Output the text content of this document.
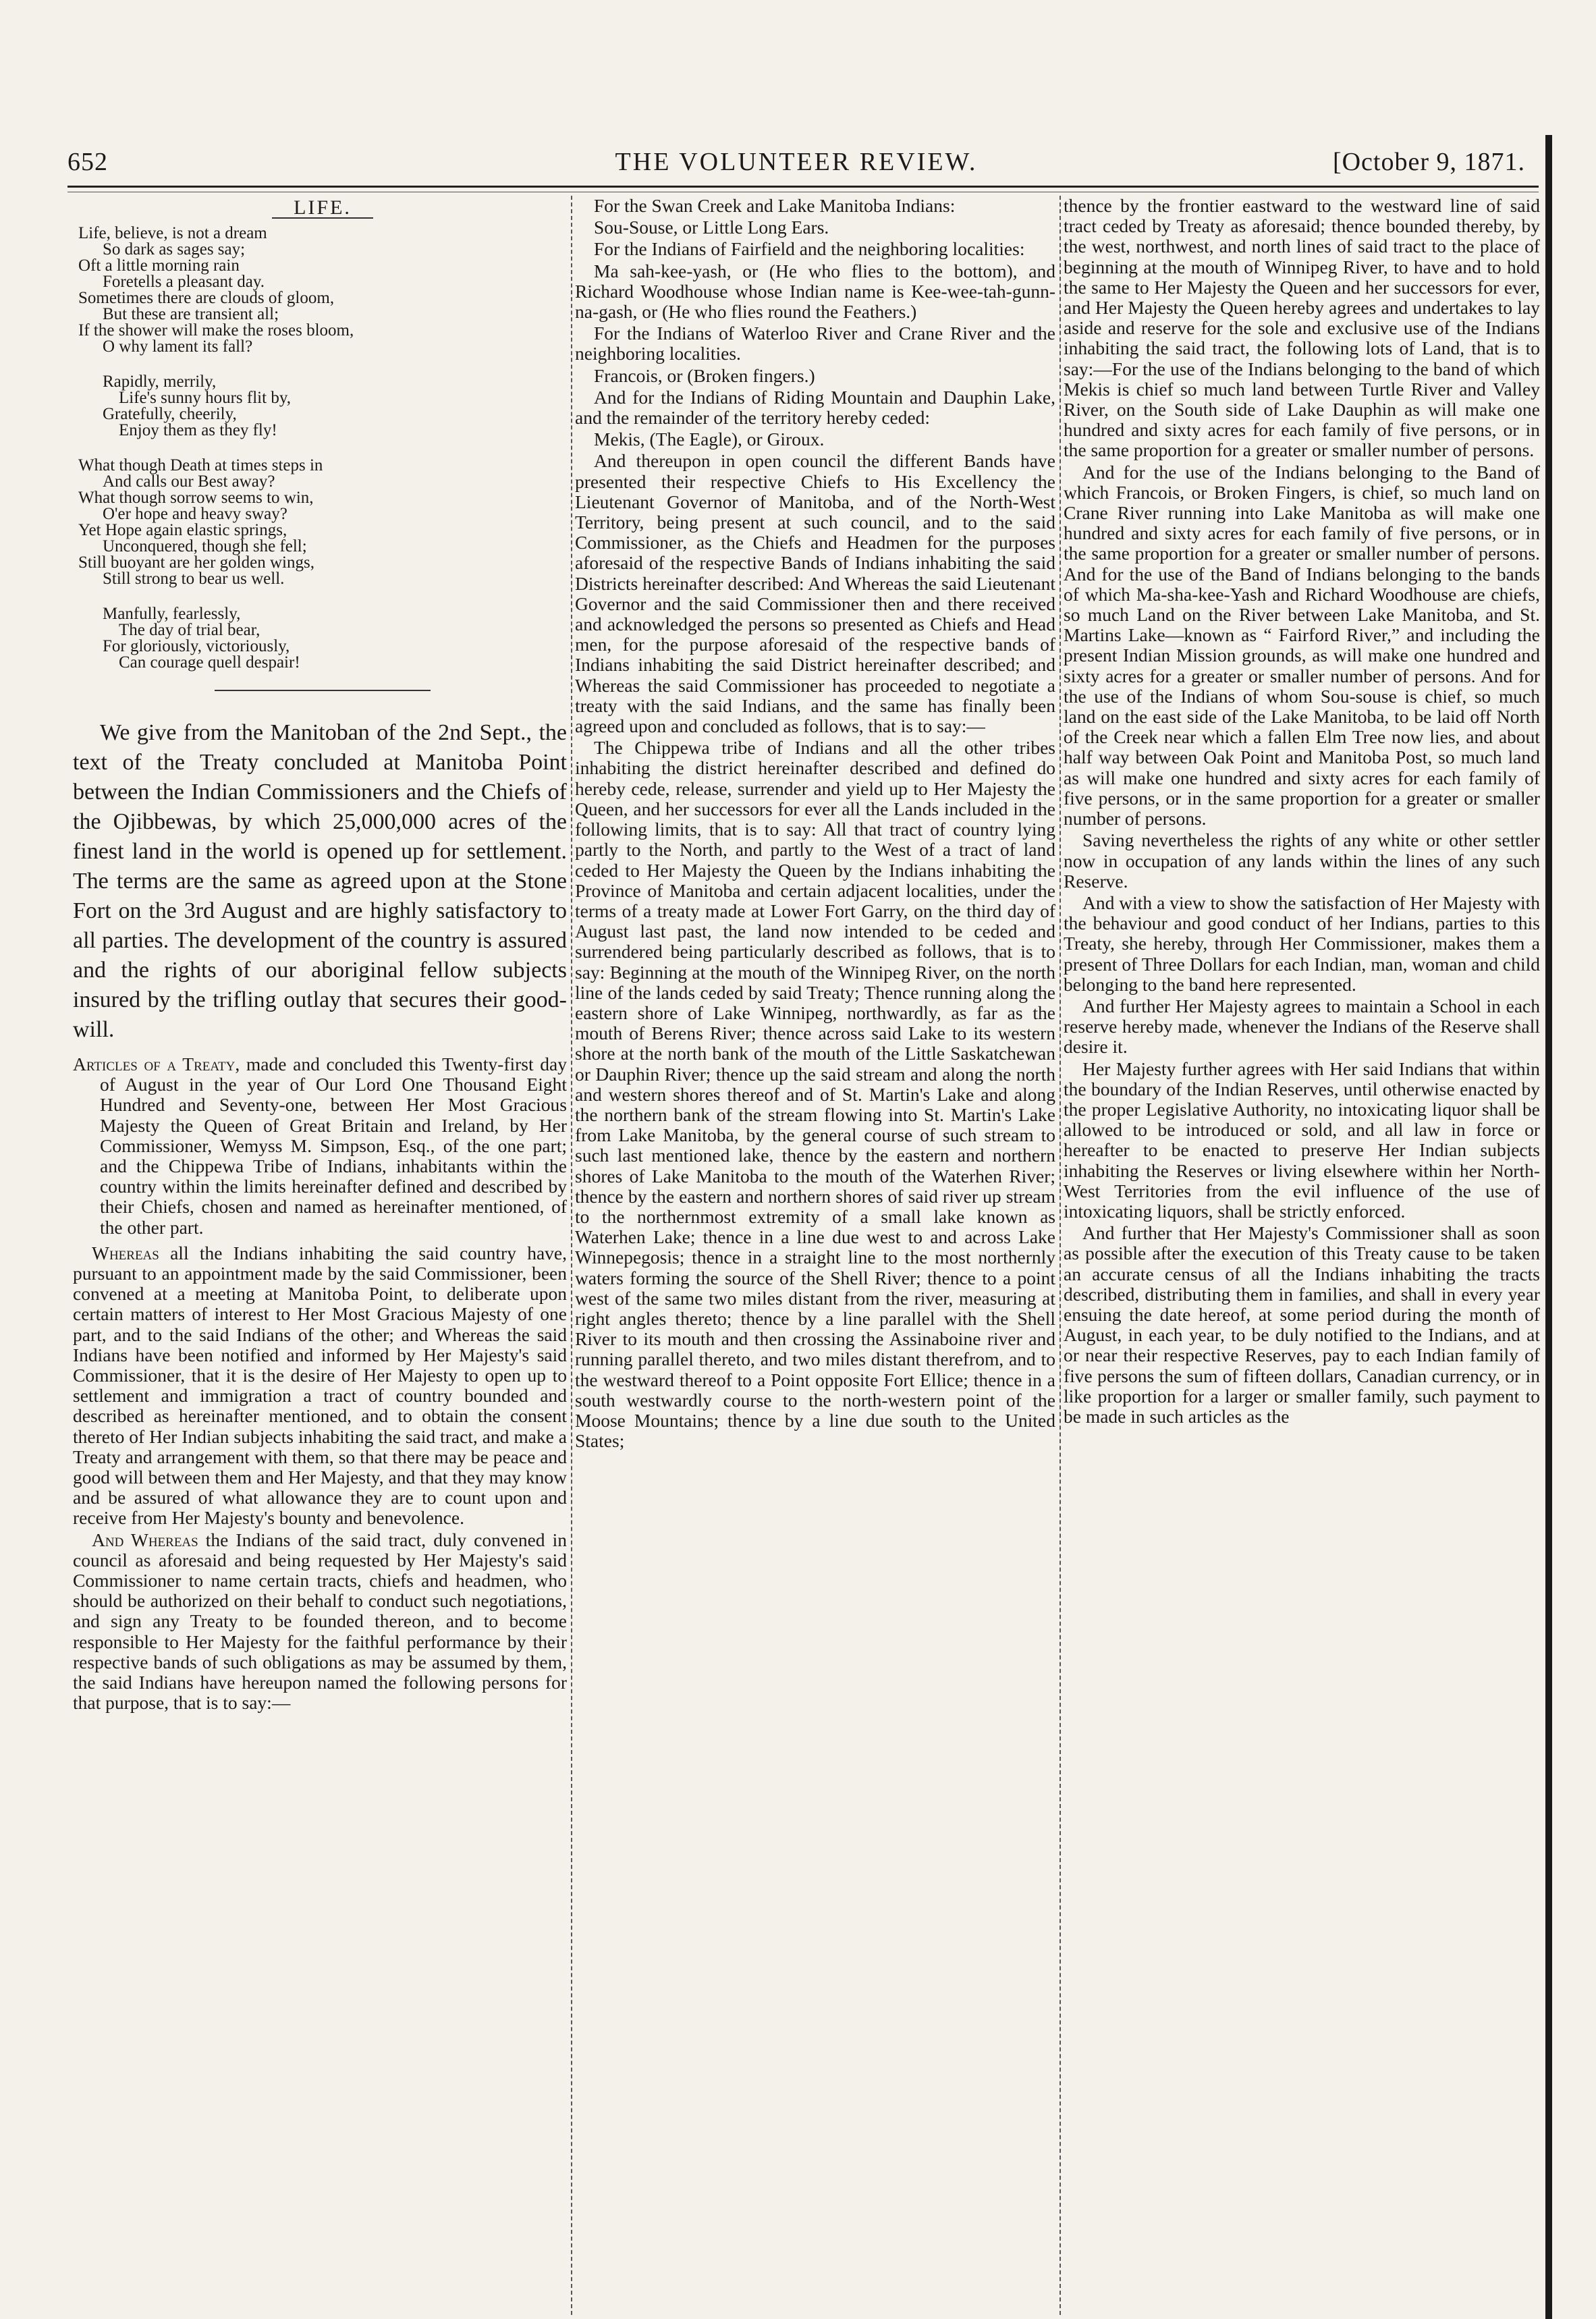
652	THE VOLUNTEER REVIEW.	[October 9, 1871.
LIFE.
Life, believe, is not a dream
So dark as sages say;
Oft a little morning rain
Foretells a pleasant day.
Sometimes there are clouds of gloom,
But these are transient all;
If the shower will make the roses bloom,
O why lament its fall?
Rapidly, merrily,
Life's sunny hours flit by,
Gratefully, cheerily,
Enjoy them as they fly!
What though Death at times steps in
And calls our Best away?
What though sorrow seems to win,
O'er hope and heavy sway?
Yet Hope again elastic springs,
Unconquered, though she fell;
Still buoyant are her golden wings,
Still strong to bear us well.
Manfully, fearlessly,
The day of trial bear,
For gloriously, victoriously,
Can courage quell despair!

We give from the Manitoban of the 2nd Sept., the text of the Treaty concluded at Manitoba Point between the Indian Commissioners and the Chiefs of the Ojibbewas, by which 25,000,000 acres of the finest land in the world is opened up for settlement. The terms are the same as agreed upon at the Stone Fort on the 3rd August and are highly satisfactory to all parties. The development of the country is assured and the rights of our aboriginal fellow subjects insured by the trifling outlay that secures their good-will.

Articles of a Treaty, made and concluded this Twenty-first day of August in the year of Our Lord One Thousand Eight Hundred and Seventy-one, between Her Most Gracious Majesty the Queen of Great Britain and Ireland, by Her Commissioner, Wemyss M. Simpson, Esq., of the one part; and the Chippewa Tribe of Indians, inhabitants within the country within the limits hereinafter defined and described by their Chiefs, chosen and named as hereinafter mentioned, of the other part.

Whereas all the Indians inhabiting the said country have, pursuant to an appointment made by the said Commissioner, been convened at a meeting at Manitoba Point, to deliberate upon certain matters of interest to Her Most Gracious Majesty of one part, and to the said Indians of the other; and Whereas the said Indians have been notified and informed by Her Majesty's said Commissioner, that it is the desire of Her Majesty to open up to settlement and immigration a tract of country bounded and described as hereinafter mentioned, and to obtain the consent thereto of Her Indian subjects inhabiting the said tract, and make a Treaty and arrangement with them, so that there may be peace and good will between them and Her Majesty, and that they may know and be assured of what allowance they are to count upon and receive from Her Majesty's bounty and benevolence.

And Whereas the Indians of the said tract, duly convened in council as aforesaid and being requested by Her Majesty's said Commissioner to name certain tracts, chiefs and headmen, who should be authorized on their behalf to conduct such negotiations, and sign any Treaty to be founded thereon, and to become responsible to Her Majesty for the faithful performance by their respective bands of such obligations as may be assumed by them, the said Indians have hereupon named the following persons for that purpose, that is to say:—

For the Swan Creek and Lake Manitoba Indians:

Sou-Souse, or Little Long Ears.

For the Indians of Fairfield and the neighboring localities:

Ma sah-kee-yash, or (He who flies to the bottom), and Richard Woodhouse whose Indian name is Kee-wee-tah-gunn-na-gash, or (He who flies round the Feathers.)

For the Indians of Waterloo River and Crane River and the neighboring localities.

Francois, or (Broken fingers.)

And for the Indians of Riding Mountain and Dauphin Lake, and the remainder of the territory hereby ceded:

Mekis, (The Eagle), or Giroux.

And thereupon in open council the different Bands have presented their respective Chiefs to His Excellency the Lieutenant Governor of Manitoba, and of the North-West Territory, being present at such council, and to the said Commissioner, as the Chiefs and Headmen for the purposes aforesaid of the respective Bands of Indians inhabiting the said Districts hereinafter described: And Whereas the said Lieutenant Governor and the said Commissioner then and there received and acknowledged the persons so presented as Chiefs and Head men, for the purpose aforesaid of the respective bands of Indians inhabiting the said District hereinafter described; and Whereas the said Commissioner has proceeded to negotiate a treaty with the said Indians, and the same has finally been agreed upon and concluded as follows, that is to say:—

The Chippewa tribe of Indians and all the other tribes inhabiting the district hereinafter described and defined do hereby cede, release, surrender and yield up to Her Majesty the Queen, and her successors for ever all the Lands included in the following limits, that is to say: All that tract of country lying partly to the North, and partly to the West of a tract of land ceded to Her Majesty the Queen by the Indians inhabiting the Province of Manitoba and certain adjacent localities, under the terms of a treaty made at Lower Fort Garry, on the third day of August last past, the land now intended to be ceded and surrendered being particularly described as follows, that is to say: Beginning at the mouth of the Winnipeg River, on the north line of the lands ceded by said Treaty; Thence running along the eastern shore of Lake Winnipeg, northwardly, as far as the mouth of Berens River; thence across said Lake to its western shore at the north bank of the mouth of the Little Saskatchewan or Dauphin River; thence up the said stream and along the north and western shores thereof and of St. Martin's Lake and along the northern bank of the stream flowing into St. Martin's Lake from Lake Manitoba, by the general course of such stream to such last mentioned lake, thence by the eastern and northern shores of Lake Manitoba to the mouth of the Waterhen River; thence by the eastern and northern shores of said river up stream to the northernmost extremity of a small lake known as Waterhen Lake; thence in a line due west to and across Lake Winnepegosis; thence in a straight line to the most northernly waters forming the source of the Shell River; thence to a point west of the same two miles distant from the river, measuring at right angles thereto; thence by a line parallel with the Shell River to its mouth and then crossing the Assinaboine river and running parallel thereto, and two miles distant therefrom, and to the westward thereof to a Point opposite Fort Ellice; thence in a south westwardly course to the north-western point of the Moose Mountains; thence by a line due south to the United States;

thence by the frontier eastward to the westward line of said tract ceded by Treaty as aforesaid; thence bounded thereby, by the west, northwest, and north lines of said tract to the place of beginning at the mouth of Winnipeg River, to have and to hold the same to Her Majesty the Queen and her successors for ever, and Her Majesty the Queen hereby agrees and undertakes to lay aside and reserve for the sole and exclusive use of the Indians inhabiting the said tract, the following lots of Land, that is to say:—For the use of the Indians belonging to the band of which Mekis is chief so much land between Turtle River and Valley River, on the South side of Lake Dauphin as will make one hundred and sixty acres for each family of five persons, or in the same proportion for a greater or smaller number of persons.

And for the use of the Indians belonging to the Band of which Francois, or Broken Fingers, is chief, so much land on Crane River running into Lake Manitoba as will make one hundred and sixty acres for each family of five persons, or in the same proportion for a greater or smaller number of persons. And for the use of the Band of Indians belonging to the bands of which Ma-sha-kee-Yash and Richard Woodhouse are chiefs, so much Land on the River between Lake Manitoba, and St. Martins Lake—known as “ Fairford River,” and including the present Indian Mission grounds, as will make one hundred and sixty acres for a greater or smaller number of persons. And for the use of the Indians of whom Sou-souse is chief, so much land on the east side of the Lake Manitoba, to be laid off North of the Creek near which a fallen Elm Tree now lies, and about half way between Oak Point and Manitoba Post, so much land as will make one hundred and sixty acres for each family of five persons, or in the same proportion for a greater or smaller number of persons.

Saving nevertheless the rights of any white or other settler now in occupation of any lands within the lines of any such Reserve.

And with a view to show the satisfaction of Her Majesty with the behaviour and good conduct of her Indians, parties to this Treaty, she hereby, through Her Commissioner, makes them a present of Three Dollars for each Indian, man, woman and child belonging to the band here represented.

And further Her Majesty agrees to maintain a School in each reserve hereby made, whenever the Indians of the Reserve shall desire it.

Her Majesty further agrees with Her said Indians that within the boundary of the Indian Reserves, until otherwise enacted by the proper Legislative Authority, no intoxicating liquor shall be allowed to be introduced or sold, and all law in force or hereafter to be enacted to preserve Her Indian subjects inhabiting the Reserves or living elsewhere within her North-West Territories from the evil influence of the use of intoxicating liquors, shall be strictly enforced.

And further that Her Majesty's Commissioner shall as soon as possible after the execution of this Treaty cause to be taken an accurate census of all the Indians inhabiting the tracts described, distributing them in families, and shall in every year ensuing the date hereof, at some period during the month of August, in each year, to be duly notified to the Indians, and at or near their respective Reserves, pay to each Indian family of five persons the sum of fifteen dollars, Canadian currency, or in like proportion for a larger or smaller family, such payment to be made in such articles as the
